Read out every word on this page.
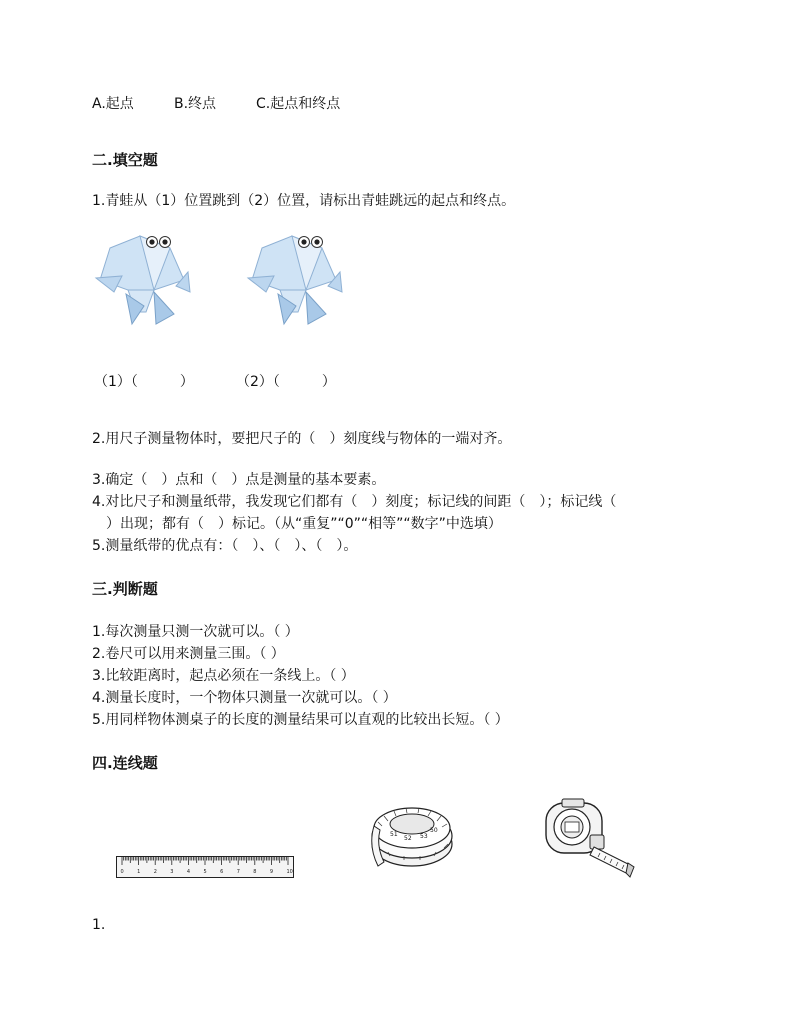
A.起点	B.终点	C.起点和终点
二.填空题
1.青蛙从（1）位置跳到（2）位置，请标出青蛙跳远的起点和终点。
（1）（　　　）	（2）（　　　）
2.用尺子测量物体时，要把尺子的（　）刻度线与物体的一端对齐。
3.确定（　）点和（　）点是测量的基本要素。
4.对比尺子和测量纸带，我发现它们都有（　）刻度；标记线的间距（　）；标记线（
　）出现；都有（　）标记。（从“重复”“0”“相等”“数字”中选填）
5.测量纸带的优点有：（　）、（　）、（　）。
三.判断题
1.每次测量只测一次就可以。（ ）
2.卷尺可以用来测量三围。（ ）
3.比较距离时，起点必须在一条线上。（ ）
4.测量长度时，一个物体只测量一次就可以。（ ）
5.用同样物体测桌子的长度的测量结果可以直观的比较出长短。（ ）
四.连线题
0	1	2	3	4	5	6	7	8	9	10
53
52
51
50
1.
